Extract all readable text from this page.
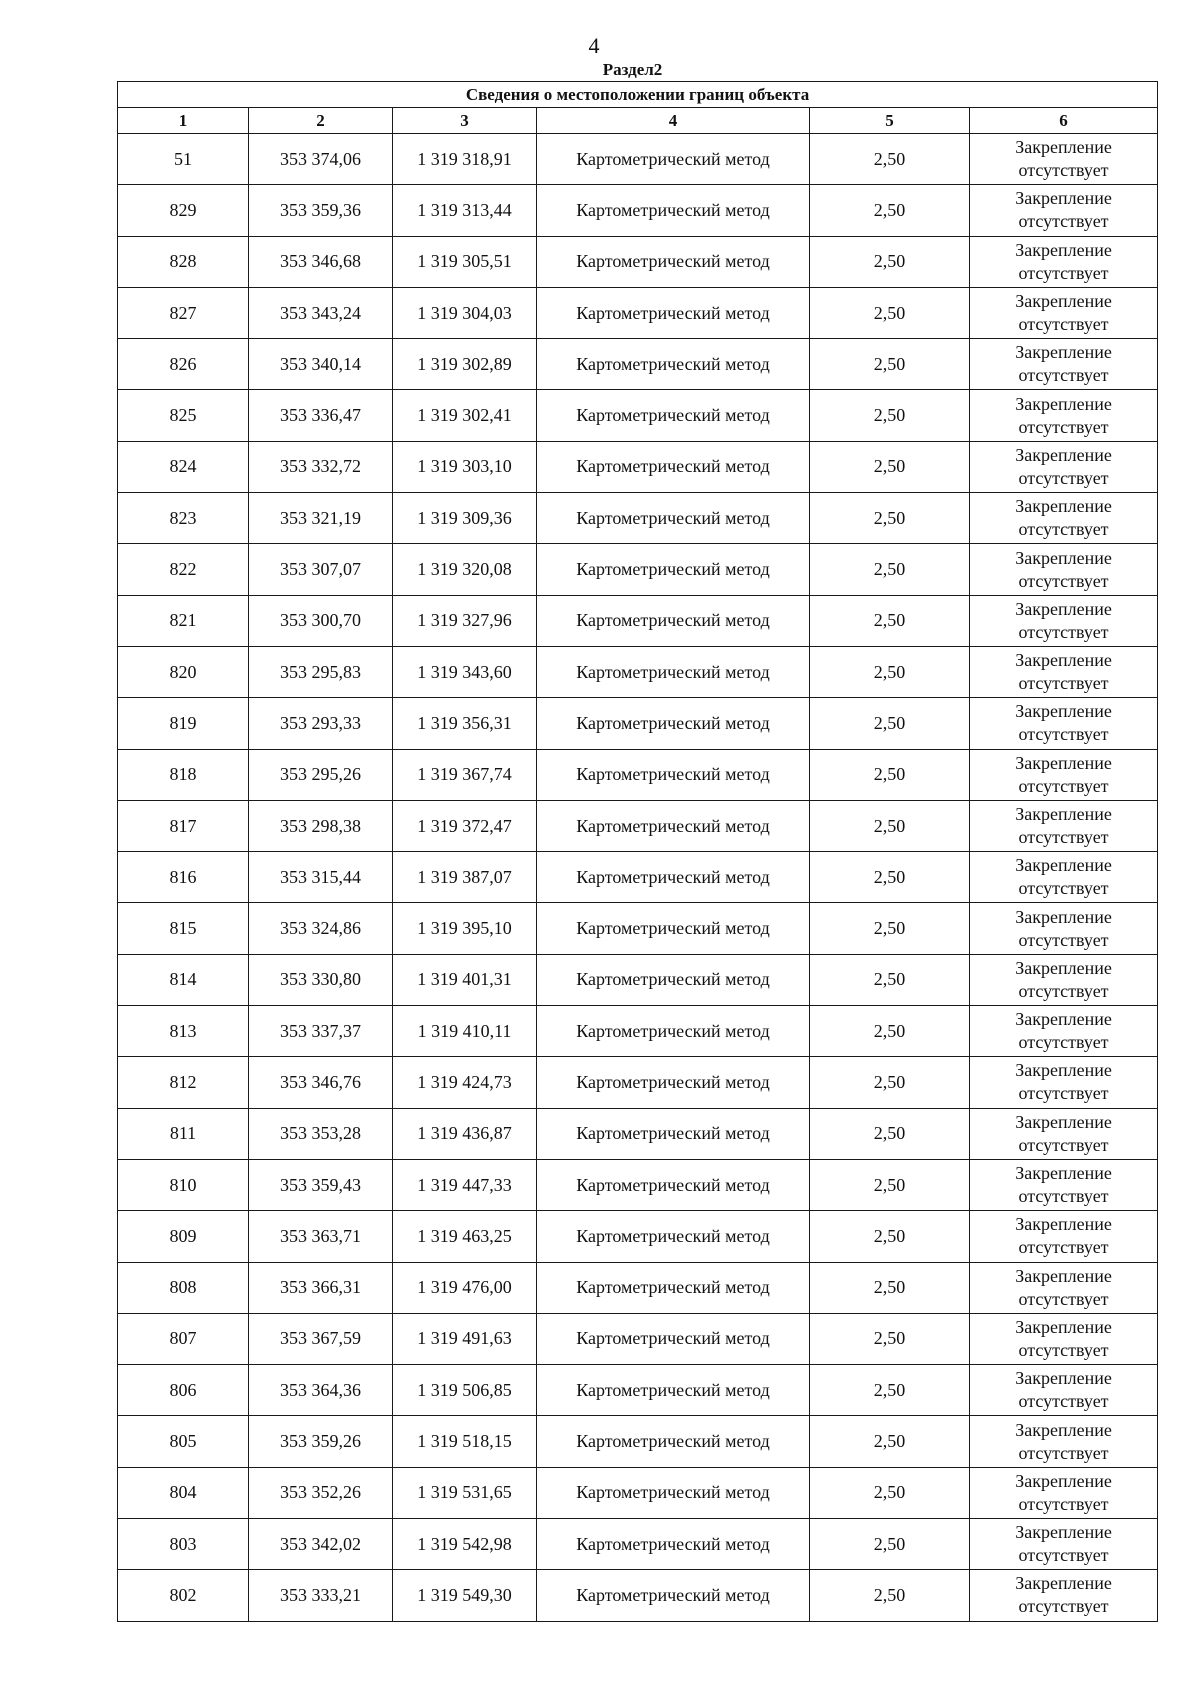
4
Раздел2
Сведения о местоположении границ объекта					
1	2	3	4	5	6
51	353 374,06	1 319 318,91	Картометрический метод	2,50	Закрепление отсутствует
829	353 359,36	1 319 313,44	Картометрический метод	2,50	Закрепление отсутствует
828	353 346,68	1 319 305,51	Картометрический метод	2,50	Закрепление отсутствует
827	353 343,24	1 319 304,03	Картометрический метод	2,50	Закрепление отсутствует
826	353 340,14	1 319 302,89	Картометрический метод	2,50	Закрепление отсутствует
825	353 336,47	1 319 302,41	Картометрический метод	2,50	Закрепление отсутствует
824	353 332,72	1 319 303,10	Картометрический метод	2,50	Закрепление отсутствует
823	353 321,19	1 319 309,36	Картометрический метод	2,50	Закрепление отсутствует
822	353 307,07	1 319 320,08	Картометрический метод	2,50	Закрепление отсутствует
821	353 300,70	1 319 327,96	Картометрический метод	2,50	Закрепление отсутствует
820	353 295,83	1 319 343,60	Картометрический метод	2,50	Закрепление отсутствует
819	353 293,33	1 319 356,31	Картометрический метод	2,50	Закрепление отсутствует
818	353 295,26	1 319 367,74	Картометрический метод	2,50	Закрепление отсутствует
817	353 298,38	1 319 372,47	Картометрический метод	2,50	Закрепление отсутствует
816	353 315,44	1 319 387,07	Картометрический метод	2,50	Закрепление отсутствует
815	353 324,86	1 319 395,10	Картометрический метод	2,50	Закрепление отсутствует
814	353 330,80	1 319 401,31	Картометрический метод	2,50	Закрепление отсутствует
813	353 337,37	1 319 410,11	Картометрический метод	2,50	Закрепление отсутствует
812	353 346,76	1 319 424,73	Картометрический метод	2,50	Закрепление отсутствует
811	353 353,28	1 319 436,87	Картометрический метод	2,50	Закрепление отсутствует
810	353 359,43	1 319 447,33	Картометрический метод	2,50	Закрепление отсутствует
809	353 363,71	1 319 463,25	Картометрический метод	2,50	Закрепление отсутствует
808	353 366,31	1 319 476,00	Картометрический метод	2,50	Закрепление отсутствует
807	353 367,59	1 319 491,63	Картометрический метод	2,50	Закрепление отсутствует
806	353 364,36	1 319 506,85	Картометрический метод	2,50	Закрепление отсутствует
805	353 359,26	1 319 518,15	Картометрический метод	2,50	Закрепление отсутствует
804	353 352,26	1 319 531,65	Картометрический метод	2,50	Закрепление отсутствует
803	353 342,02	1 319 542,98	Картометрический метод	2,50	Закрепление отсутствует
802	353 333,21	1 319 549,30	Картометрический метод	2,50	Закрепление отсутствует
